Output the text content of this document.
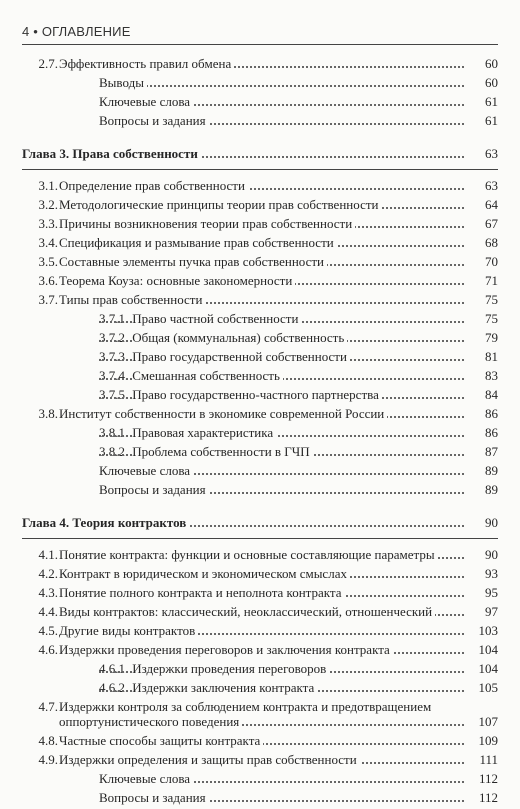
4 • ОГЛАВЛЕНИЕ
2.7. Эффективность правил обмена	60
Выводы	60
Ключевые слова	61
Вопросы и задания	61
Глава 3. Права собственности	63
3.1. Определение прав собственности	63
3.2. Методологические принципы теории прав собственности	64
3.3. Причины возникновения теории прав собственности	67
3.4. Спецификация и размывание прав собственности	68
3.5. Составные элементы пучка прав собственности	70
3.6. Теорема Коуза: основные закономерности	71
3.7. Типы прав собственности	75
3.7.1. Право частной собственности	75
3.7.2. Общая (коммунальная) собственность	79
3.7.3. Право государственной собственности	81
3.7.4. Смешанная собственность	83
3.7.5. Право государственно-частного партнерства	84
3.8. Институт собственности в экономике современной России	86
3.8.1. Правовая характеристика	86
3.8.2. Проблема собственности в ГЧП	87
Ключевые слова	89
Вопросы и задания	89
Глава 4. Теория контрактов	90
4.1. Понятие контракта: функции и основные составляющие параметры	90
4.2. Контракт в юридическом и экономическом смыслах	93
4.3. Понятие полного контракта и неполнота контракта	95
4.4. Виды контрактов: классический, неоклассический, отношенческий	97
4.5. Другие виды контрактов	103
4.6. Издержки проведения переговоров и заключения контракта	104
4.6.1. Издержки проведения переговоров	104
4.6.2. Издержки заключения контракта	105
4.7. Издержки контроля за соблюдением контракта и предотвращением оппортунистического поведения	107
4.8. Частные способы защиты контракта	109
4.9. Издержки определения и защиты прав собственности	111
Ключевые слова	112
Вопросы и задания	112
